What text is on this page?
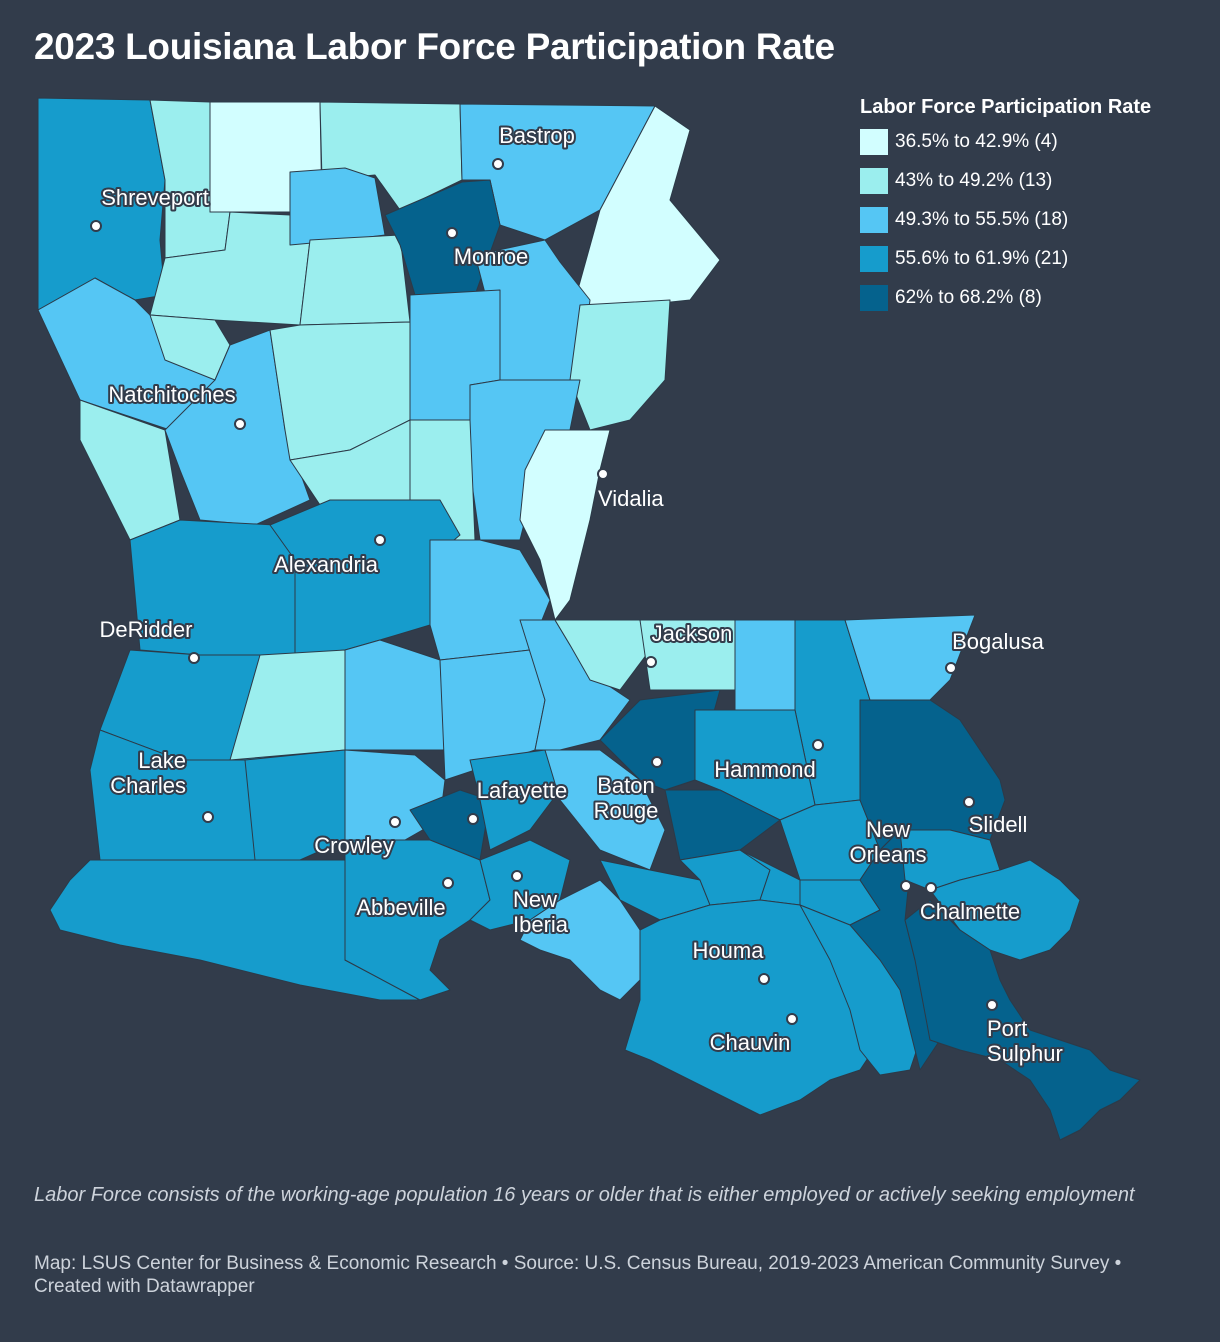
2023 Louisiana Labor Force Participation Rate
Shreveport
Bastrop
Monroe
Natchitoches
Vidalia
Alexandria
DeRidder	Jackson	Bogalusa
Lake
Charles	Lafayette Baton
Rouge
Hammond
Crowley
New
Orleans
Slidell
Abbeville	New
Iberia
Chalmette
Houma
Chauvin
Port
Sulphur
Labor Force Participation Rate
36.5% to 42.9% (4)
43% to 49.2% (13)
49.3% to 55.5% (18)
55.6% to 61.9% (21)
62% to 68.2% (8)
Labor Force consists of the working-age population 16 years or older that is either employed or actively seeking employment
Map: LSUS Center for Business & Economic Research • Source: U.S. Census Bureau, 2019-2023 American Community Survey • Created with Datawrapper
